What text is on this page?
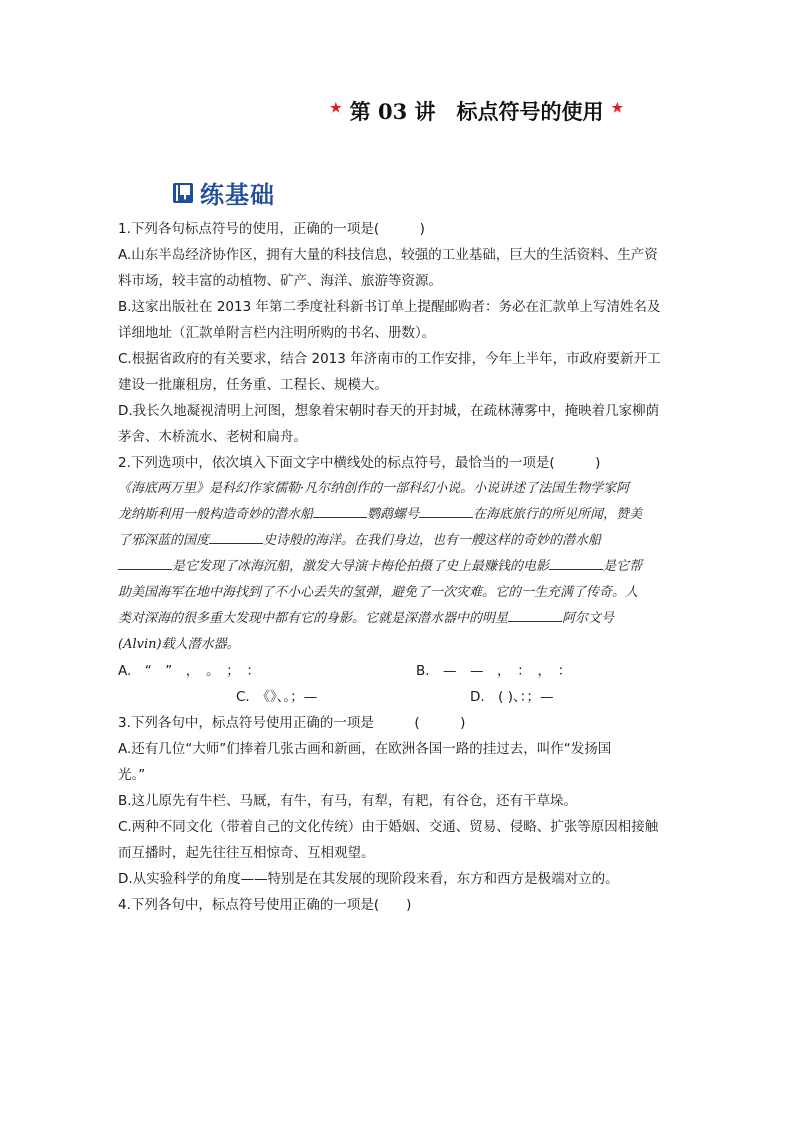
★ 第 03 讲　标点符号的使用 ★
练基础
1.下列各句标点符号的使用，正确的一项是(　　　)
A.山东半岛经济协作区，拥有大量的科技信息，较强的工业基础，巨大的生活资料、生产资
料市场，较丰富的动植物、矿产、海洋、旅游等资源。
B.这家出版社在 2013 年第二季度社科新书订单上提醒邮购者：务必在汇款单上写清姓名及
详细地址（汇款单附言栏内注明所购的书名、册数）。
C.根据省政府的有关要求，结合 2013 年济南市的工作安排，今年上半年，市政府要新开工
建设一批廉租房，任务重、工程长、规模大。
D.我长久地凝视清明上河图，想象着宋朝时春天的开封城，在疏林薄雾中，掩映着几家柳荫
茅舍、木桥流水、老树和扁舟。
2.下列选项中，依次填入下面文字中横线处的标点符号，最恰当的一项是(　　　)
《海底两万里》是科幻作家儒勒·凡尔纳创作的一部科幻小说。小说讲述了法国生物学家阿
龙纳斯利用一般构造奇妙的潜水船	鹦鹉螺号	在海底旅行的所见所闻，赞美
了邪深蓝的国度	史诗般的海洋。在我们身边，也有一艘这样的奇妙的潜水船
是它发现了冰海沉船，激发大导演卡梅伦拍摄了史上最赚钱的电影	是它帮
助美国海军在地中海找到了不小心丢失的氢弹，避免了一次灾难。它的一生充满了传奇。人
类对深海的很多重大发现中都有它的身影。它就是深潜水器中的明星	阿尔文号
(Alvin)载人潜水器。
A.　“　”　，　。　；　：	B.　—　—　，　：　，　：
C.　《》、。；—	D.　( )、：；—
3.下列各句中，标点符号使用正确的一项是　　　(　　　)
A.还有几位“大师”们捧着几张古画和新画，在欧洲各国一路的挂过去，叫作“发扬国
光。”
B.这儿原先有牛栏、马厩，有牛，有马，有犁，有耙，有谷仓，还有干草垛。
C.两种不同文化（带着自己的文化传统）由于婚姻、交通、贸易、侵略、扩张等原因相接触
而互播时，起先往往互相惊奇、互相观望。
D.从实验科学的角度——特别是在其发展的现阶段来看，东方和西方是极端对立的。
4.下列各句中，标点符号使用正确的一项是(　　)
